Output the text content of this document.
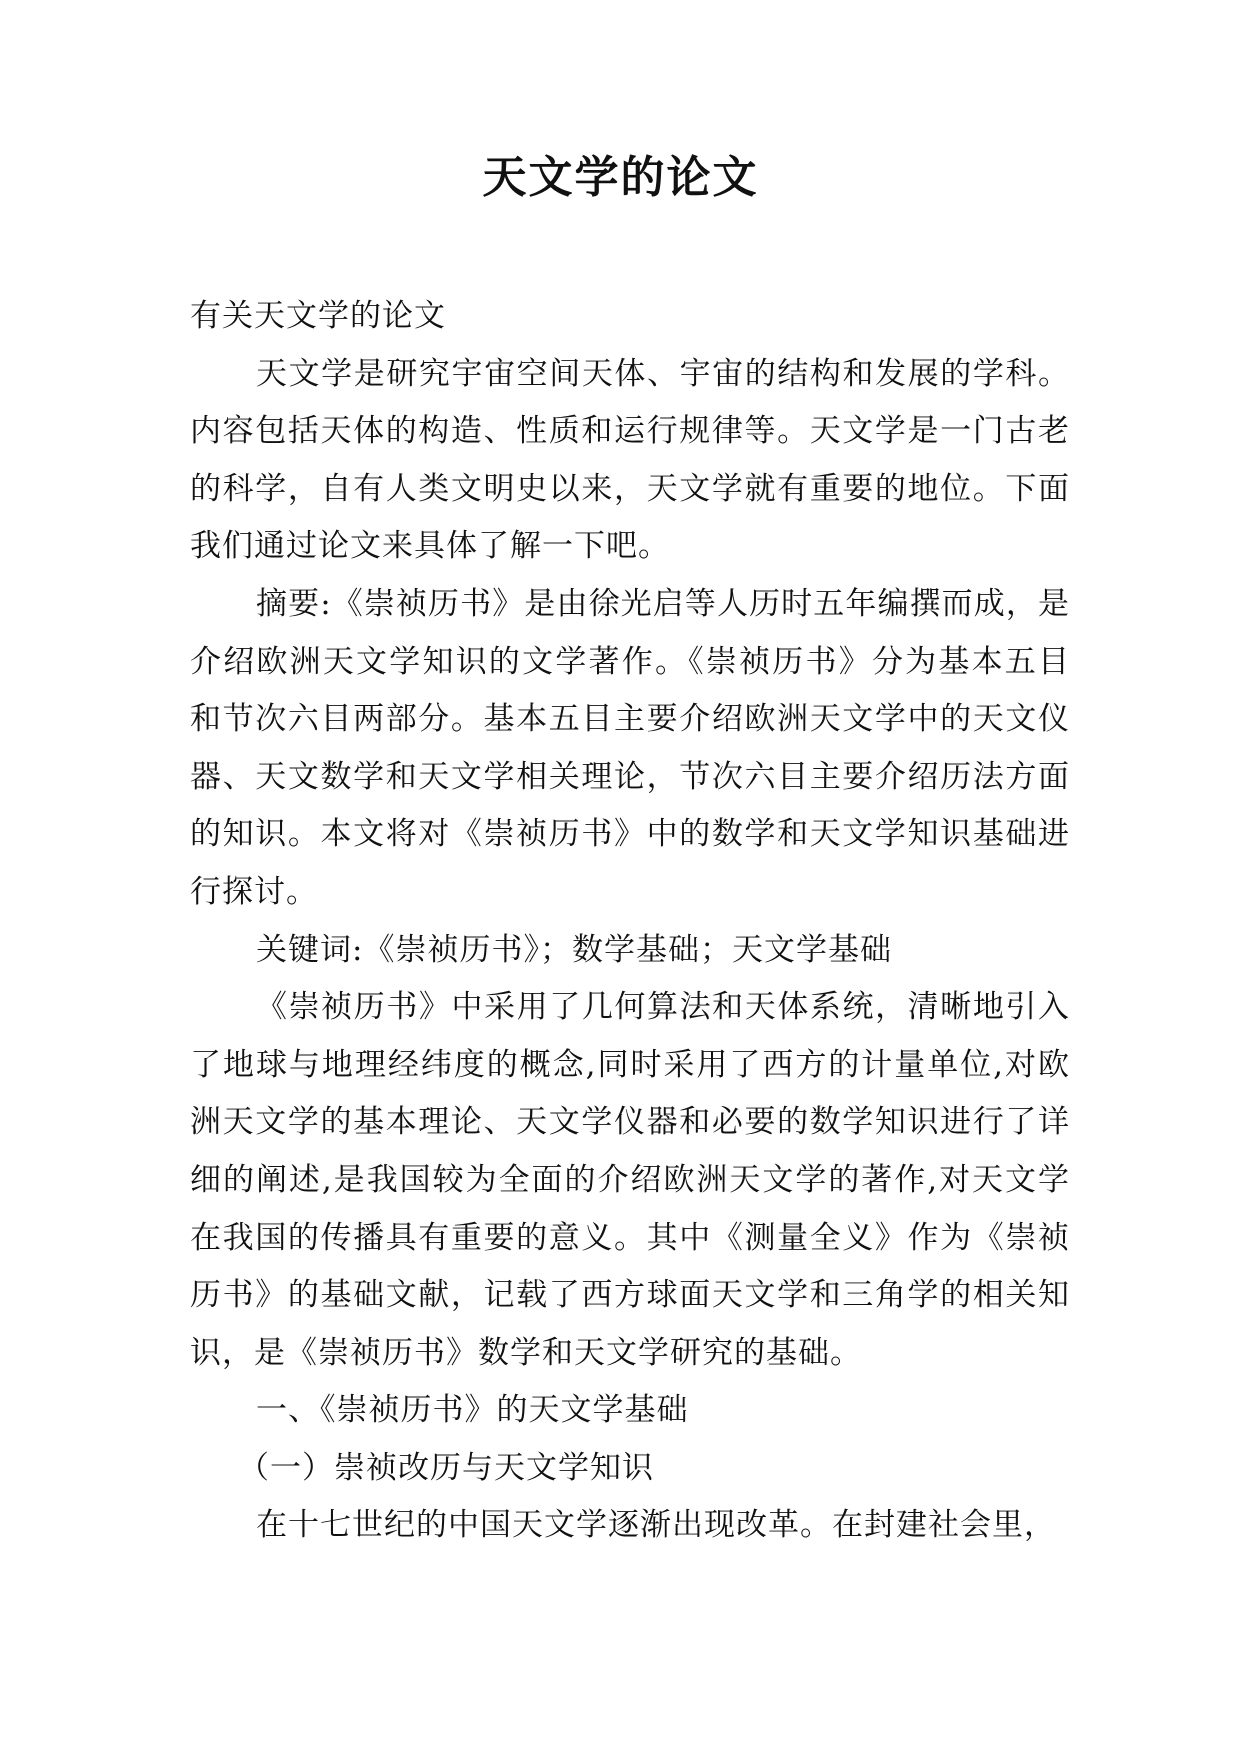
天文学的论文

有关天文学的论文

天文学是研究宇宙空间天体、宇宙的结构和发展的学科。内容包括天体的构造、性质和运行规律等。天文学是一门古老的科学，自有人类文明史以来，天文学就有重要的地位。下面我们通过论文来具体了解一下吧。

摘要:《崇祯历书》是由徐光启等人历时五年编撰而成，是介绍欧洲天文学知识的文学著作。《崇祯历书》分为基本五目和节次六目两部分。基本五目主要介绍欧洲天文学中的天文仪器、天文数学和天文学相关理论，节次六目主要介绍历法方面的知识。本文将对《崇祯历书》中的数学和天文学知识基础进行探讨。

关键词:《崇祯历书》；数学基础；天文学基础

《崇祯历书》中采用了几何算法和天体系统，清晰地引入了地球与地理经纬度的概念,同时采用了西方的计量单位,对欧洲天文学的基本理论、天文学仪器和必要的数学知识进行了详细的阐述,是我国较为全面的介绍欧洲天文学的著作,对天文学在我国的传播具有重要的意义。其中《测量全义》作为《崇祯历书》的基础文献，记载了西方球面天文学和三角学的相关知识，是《崇祯历书》数学和天文学研究的基础。

一、《崇祯历书》的天文学基础

（一）崇祯改历与天文学知识

在十七世纪的中国天文学逐渐出现改革。在封建社会里，
